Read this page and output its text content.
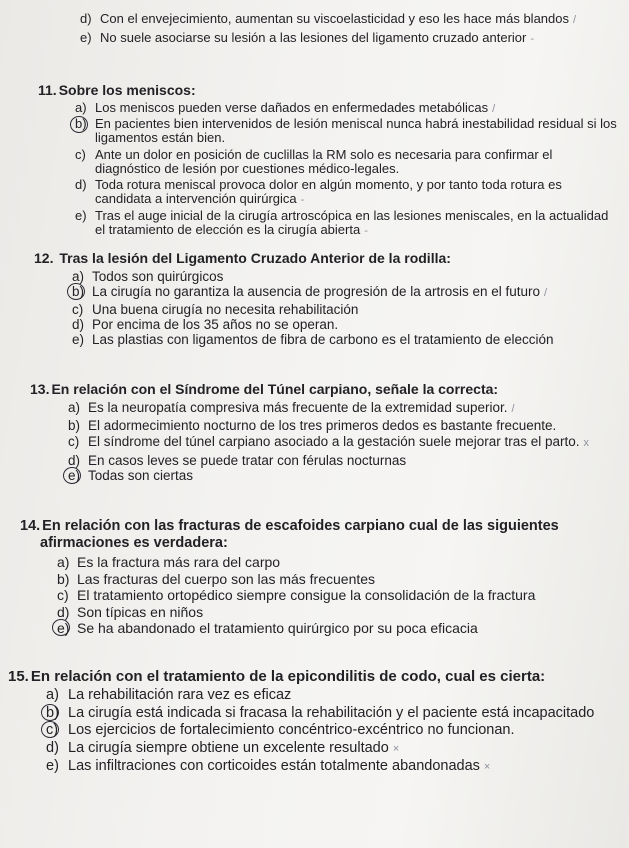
d) Con el envejecimiento, aumentan su viscoelasticidad y eso les hace más blandos /
e) No suele asociarse su lesión a las lesiones del ligamento cruzado anterior -
11. Sobre los meniscos:
a) Los meniscos pueden verse dañados en enfermedades metabólicas /
b) En pacientes bien intervenidos de lesión meniscal nunca habrá inestabilidad residual si los ligamentos están bien.
c) Ante un dolor en posición de cuclillas la RM solo es necesaria para confirmar el diagnóstico de lesión por cuestiones médico-legales.
d) Toda rotura meniscal provoca dolor en algún momento, y por tanto toda rotura es candidata a intervención quirúrgica -
e) Tras el auge inicial de la cirugía artroscópica en las lesiones meniscales, en la actualidad el tratamiento de elección es la cirugía abierta -
12. Tras la lesión del Ligamento Cruzado Anterior de la rodilla:
a) Todos son quirúrgicos
b) La cirugía no garantiza la ausencia de progresión de la artrosis en el futuro /
c) Una buena cirugía no necesita rehabilitación
d) Por encima de los 35 años no se operan.
e) Las plastias con ligamentos de fibra de carbono es el tratamiento de elección
13. En relación con el Síndrome del Túnel carpiano, señale la correcta:
a) Es la neuropatía compresiva más frecuente de la extremidad superior. /
b) El adormecimiento nocturno de los tres primeros dedos es bastante frecuente.
c) El síndrome del túnel carpiano asociado a la gestación suele mejorar tras el parto. x
d) En casos leves se puede tratar con férulas nocturnas
e) Todas son ciertas
14. En relación con las fracturas de escafoides carpiano cual de las siguientes afirmaciones es verdadera:
a) Es la fractura más rara del carpo
b) Las fracturas del cuerpo son las más frecuentes
c) El tratamiento ortopédico siempre consigue la consolidación de la fractura
d) Son típicas en niños
e) Se ha abandonado el tratamiento quirúrgico por su poca eficacia
15. En relación con el tratamiento de la epicondilitis de codo, cual es cierta:
a) La rehabilitación rara vez es eficaz
b) La cirugía está indicada si fracasa la rehabilitación y el paciente está incapacitado
c) Los ejercicios de fortalecimiento concéntrico-excéntrico no funcionan.
d) La cirugía siempre obtiene un excelente resultado ×
e) Las infiltraciones con corticoides están totalmente abandonadas ×
